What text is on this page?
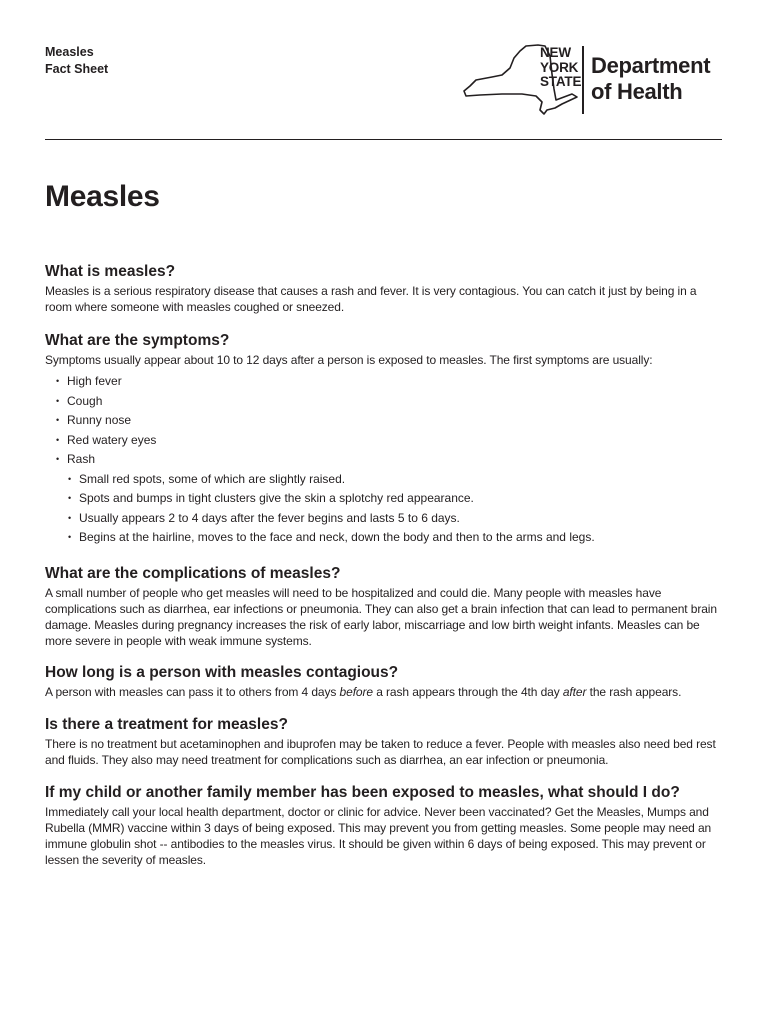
Measles
Fact Sheet
NEW
YORK
STATE
Department
of Health
Measles
What is measles?

Measles is a serious respiratory disease that causes a rash and fever. It is very contagious. You can catch it just by being in a room where someone with measles coughed or sneezed.

What are the symptoms?

Symptoms usually appear about 10 to 12 days after a person is exposed to measles. The first symptoms are usually:

• High fever
• Cough
• Runny nose
• Red watery eyes
• Rash
• Small red spots, some of which are slightly raised.
• Spots and bumps in tight clusters give the skin a splotchy red appearance.
• Usually appears 2 to 4 days after the fever begins and lasts 5 to 6 days.
• Begins at the hairline, moves to the face and neck, down the body and then to the arms and legs.
What are the complications of measles?

A small number of people who get measles will need to be hospitalized and could die. Many people with measles have complications such as diarrhea, ear infections or pneumonia. They can also get a brain infection that can lead to permanent brain damage. Measles during pregnancy increases the risk of early labor, miscarriage and low birth weight infants. Measles can be more severe in people with weak immune systems.

How long is a person with measles contagious?

A person with measles can pass it to others from 4 days before a rash appears through the 4th day after the rash appears.

Is there a treatment for measles?

There is no treatment but acetaminophen and ibuprofen may be taken to reduce a fever. People with measles also need bed rest and fluids. They also may need treatment for complications such as diarrhea, an ear infection or pneumonia.

If my child or another family member has been exposed to measles, what should I do?

Immediately call your local health department, doctor or clinic for advice. Never been vaccinated? Get the Measles, Mumps and Rubella (MMR) vaccine within 3 days of being exposed. This may prevent you from getting measles. Some people may need an immune globulin shot -- antibodies to the measles virus. It should be given within 6 days of being exposed. This may prevent or lessen the severity of measles.
